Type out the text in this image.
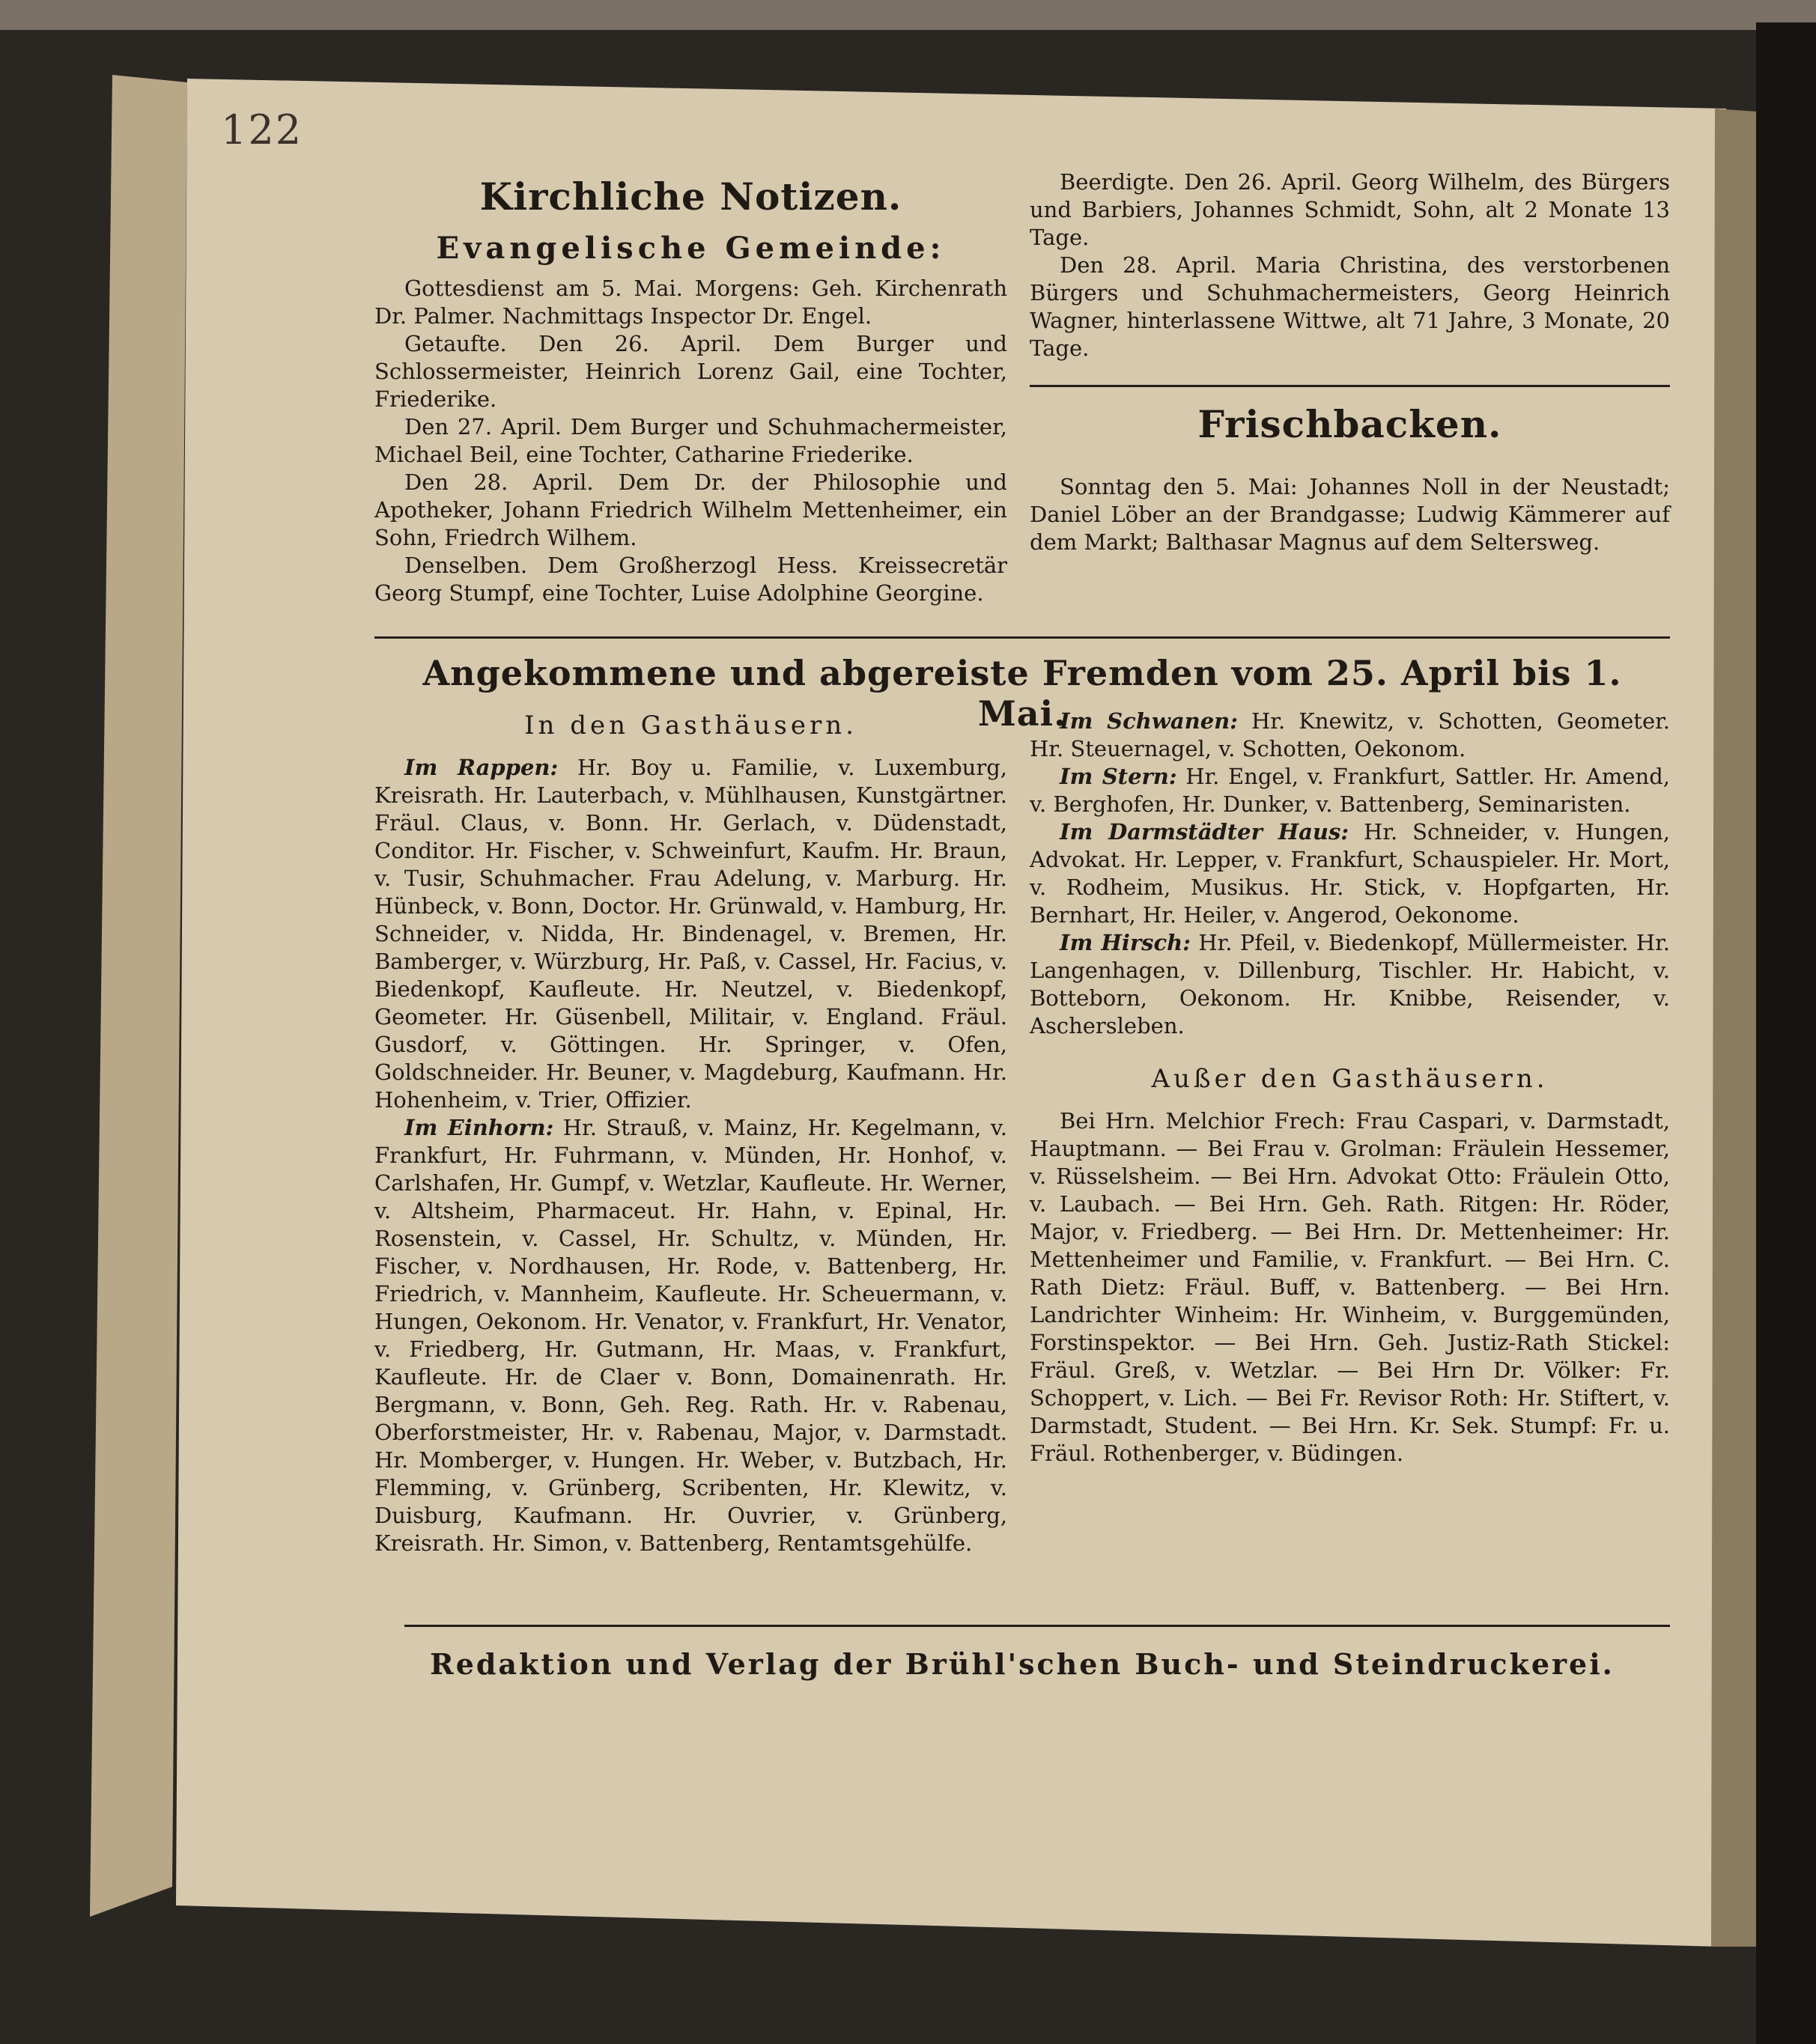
122
Kirchliche Notizen.
Evangelische Gemeinde:

Gottesdienst am 5. Mai. Morgens: Geh. Kirchenrath Dr. Palmer. Nachmittags Inspector Dr. Engel.

Getaufte. Den 26. April. Dem Burger und Schlossermeister, Heinrich Lorenz Gail, eine Tochter, Friederike.

Den 27. April. Dem Burger und Schuhmachermeister, Michael Beil, eine Tochter, Catharine Friederike.

Den 28. April. Dem Dr. der Philosophie und Apotheker, Johann Friedrich Wilhelm Mettenheimer, ein Sohn, Friedrch Wilhem.

Denselben. Dem Großherzogl Hess. Kreissecretär Georg Stumpf, eine Tochter, Luise Adolphine Georgine.

Beerdigte. Den 26. April. Georg Wilhelm, des Bürgers und Barbiers, Johannes Schmidt, Sohn, alt 2 Monate 13 Tage.

Den 28. April. Maria Christina, des verstorbenen Bürgers und Schuhmachermeisters, Georg Heinrich Wagner, hinterlassene Wittwe, alt 71 Jahre, 3 Monate, 20 Tage.

Frischbacken.

Sonntag den 5. Mai: Johannes Noll in der Neustadt; Daniel Löber an der Brandgasse; Ludwig Kämmerer auf dem Markt; Balthasar Magnus auf dem Seltersweg.

Angekommene und abgereiste Fremden vom 25. April bis 1. Mai.
In den Gasthäusern.

Im Rappen: Hr. Boy u. Familie, v. Luxemburg, Kreisrath. Hr. Lauterbach, v. Mühlhausen, Kunstgärtner. Fräul. Claus, v. Bonn. Hr. Gerlach, v. Düdenstadt, Conditor. Hr. Fischer, v. Schweinfurt, Kaufm. Hr. Braun, v. Tusir, Schuhmacher. Frau Adelung, v. Marburg. Hr. Hünbeck, v. Bonn, Doctor. Hr. Grünwald, v. Hamburg, Hr. Schneider, v. Nidda, Hr. Bindenagel, v. Bremen, Hr. Bamberger, v. Würzburg, Hr. Paß, v. Cassel, Hr. Facius, v. Biedenkopf, Kaufleute. Hr. Neutzel, v. Biedenkopf, Geometer. Hr. Güsenbell, Militair, v. England. Fräul. Gusdorf, v. Göttingen. Hr. Springer, v. Ofen, Goldschneider. Hr. Beuner, v. Magdeburg, Kaufmann. Hr. Hohenheim, v. Trier, Offizier.

Im Einhorn: Hr. Strauß, v. Mainz, Hr. Kegelmann, v. Frankfurt, Hr. Fuhrmann, v. Münden, Hr. Honhof, v. Carlshafen, Hr. Gumpf, v. Wetzlar, Kaufleute. Hr. Werner, v. Altsheim, Pharmaceut. Hr. Hahn, v. Epinal, Hr. Rosenstein, v. Cassel, Hr. Schultz, v. Münden, Hr. Fischer, v. Nordhausen, Hr. Rode, v. Battenberg, Hr. Friedrich, v. Mannheim, Kaufleute. Hr. Scheuermann, v. Hungen, Oekonom. Hr. Venator, v. Frankfurt, Hr. Venator, v. Friedberg, Hr. Gutmann, Hr. Maas, v. Frankfurt, Kaufleute. Hr. de Claer v. Bonn, Domainenrath. Hr. Bergmann, v. Bonn, Geh. Reg. Rath. Hr. v. Rabenau, Oberforstmeister, Hr. v. Rabenau, Major, v. Darmstadt. Hr. Momberger, v. Hungen. Hr. Weber, v. Butzbach, Hr. Flemming, v. Grünberg, Scribenten, Hr. Klewitz, v. Duisburg, Kaufmann. Hr. Ouvrier, v. Grünberg, Kreisrath. Hr. Simon, v. Battenberg, Rentamtsgehülfe.

Im Schwanen: Hr. Knewitz, v. Schotten, Geometer. Hr. Steuernagel, v. Schotten, Oekonom.

Im Stern: Hr. Engel, v. Frankfurt, Sattler. Hr. Amend, v. Berghofen, Hr. Dunker, v. Battenberg, Seminaristen.

Im Darmstädter Haus: Hr. Schneider, v. Hungen, Advokat. Hr. Lepper, v. Frankfurt, Schauspieler. Hr. Mort, v. Rodheim, Musikus. Hr. Stick, v. Hopfgarten, Hr. Bernhart, Hr. Heiler, v. Angerod, Oekonome.

Im Hirsch: Hr. Pfeil, v. Biedenkopf, Müllermeister. Hr. Langenhagen, v. Dillenburg, Tischler. Hr. Habicht, v. Botteborn, Oekonom. Hr. Knibbe, Reisender, v. Aschersleben.

Außer den Gasthäusern.

Bei Hrn. Melchior Frech: Frau Caspari, v. Darmstadt, Hauptmann. — Bei Frau v. Grolman: Fräulein Hessemer, v. Rüsselsheim. — Bei Hrn. Advokat Otto: Fräulein Otto, v. Laubach. — Bei Hrn. Geh. Rath. Ritgen: Hr. Röder, Major, v. Friedberg. — Bei Hrn. Dr. Mettenheimer: Hr. Mettenheimer und Familie, v. Frankfurt. — Bei Hrn. C. Rath Dietz: Fräul. Buff, v. Battenberg. — Bei Hrn. Landrichter Winheim: Hr. Winheim, v. Burggemünden, Forstinspektor. — Bei Hrn. Geh. Justiz-Rath Stickel: Fräul. Greß, v. Wetzlar. — Bei Hrn Dr. Völker: Fr. Schoppert, v. Lich. — Bei Fr. Revisor Roth: Hr. Stiftert, v. Darmstadt, Student. — Bei Hrn. Kr. Sek. Stumpf: Fr. u. Fräul. Rothenberger, v. Büdingen.

Redaktion und Verlag der Brühl'schen Buch- und Steindruckerei.
